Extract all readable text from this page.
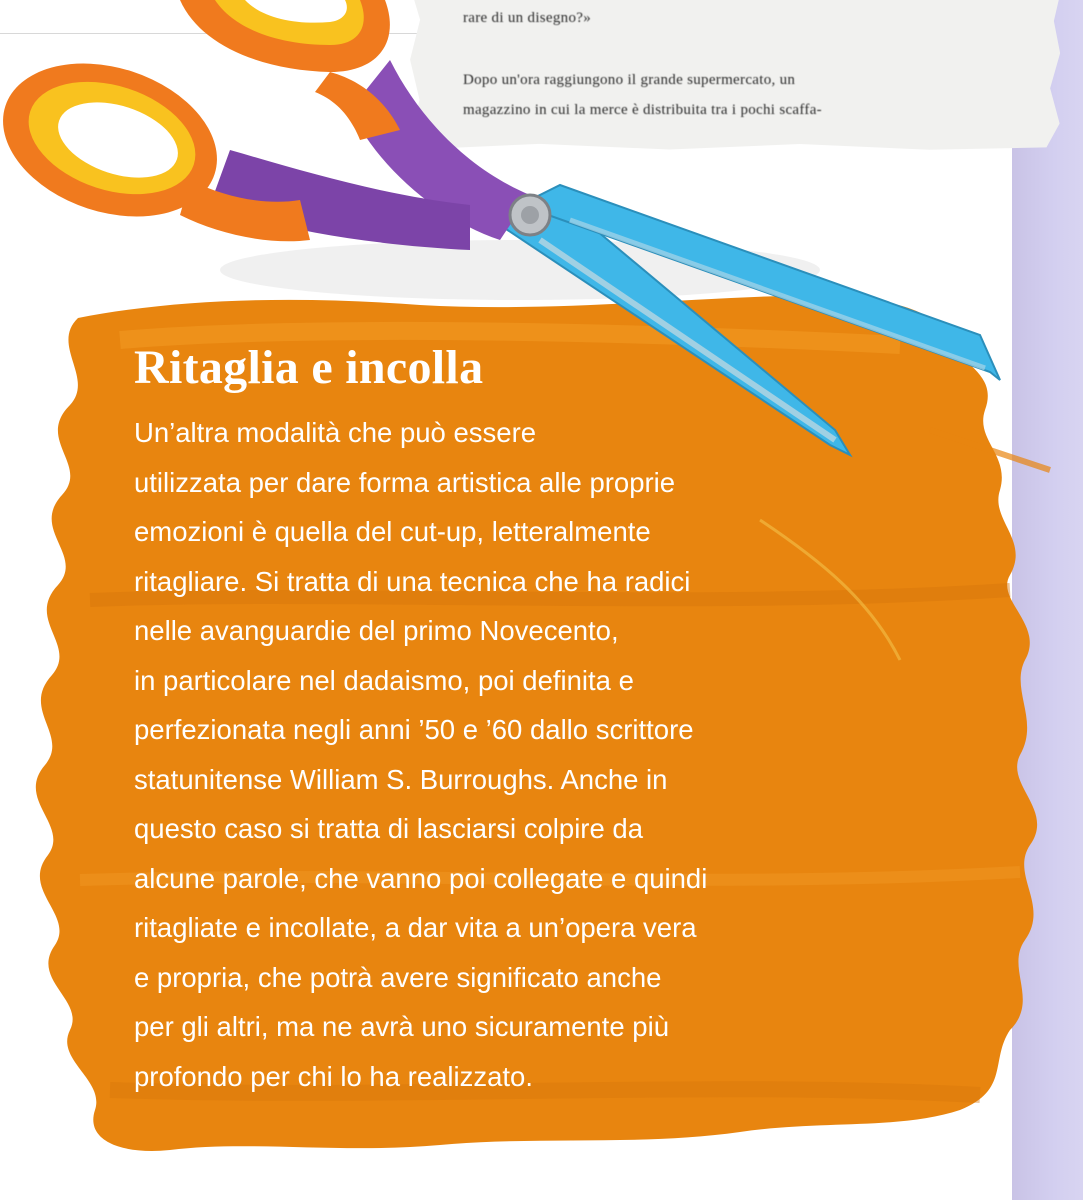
rare di un disegno?»
Dopo un'ora raggiungono il grande supermercato, un
magazzino in cui la merce è distribuita tra i pochi scaffa-
Ritaglia e incolla
Un’altra modalità che può essere
utilizzata per dare forma artistica alle proprie
emozioni è quella del cut-up, letteralmente
ritagliare. Si tratta di una tecnica che ha radici
nelle avanguardie del primo Novecento,
in particolare nel dadaismo, poi definita e
perfezionata negli anni ’50 e ’60 dallo scrittore
statunitense William S. Burroughs. Anche in
questo caso si tratta di lasciarsi colpire da
alcune parole, che vanno poi collegate e quindi
ritagliate e incollate, a dar vita a un’opera vera
e propria, che potrà avere significato anche
per gli altri, ma ne avrà uno sicuramente più
profondo per chi lo ha realizzato.
